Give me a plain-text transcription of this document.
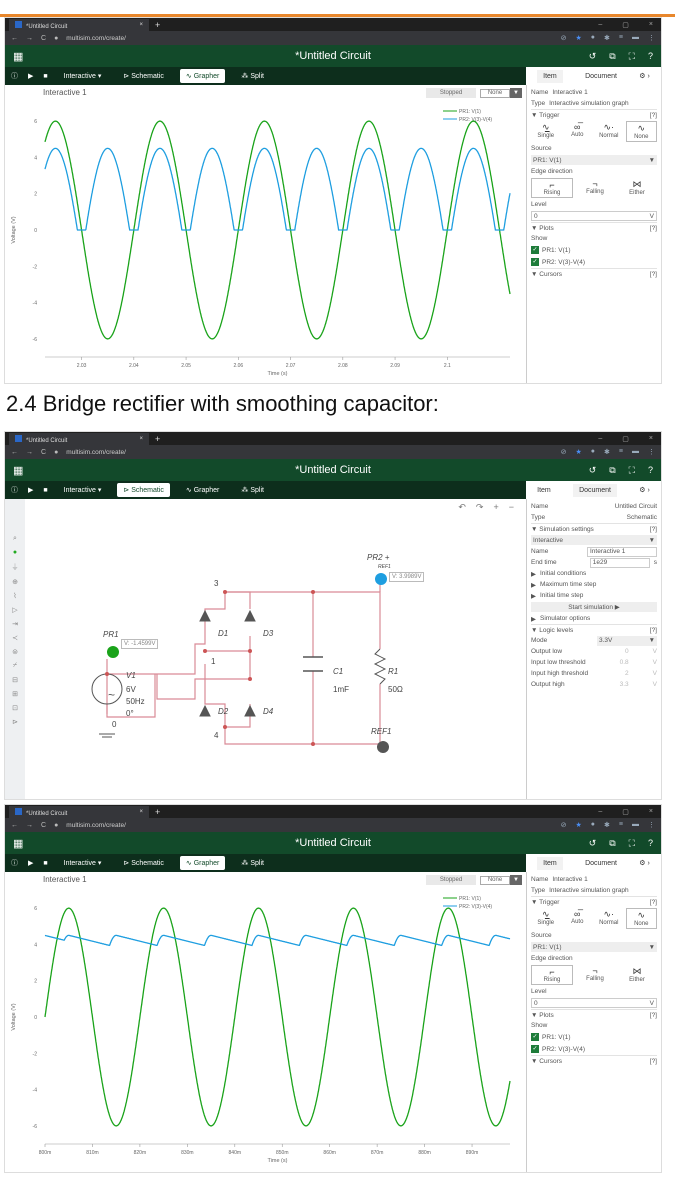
*Untitled Circuit	× +	–	▢	×
← → C ● multisim.com/create/	⊘ ★ ● ✱ ≡ ▬ ⋮
▦	*Untitled Circuit	↺ ⧉ ⛶ ?
ⓘ ▶ ■	Interactive ▾	⊳ Schematic	∿ Grapher	⁂ Split	Item	Document	⚙ ›
Interactive 1	Stopped	None	▼
6
4
2
0
-2
-4
-6
2.03	2.04	2.05	2.06	2.07	2.08	2.09	2.1
Time (s)
Voltage (V)
PR1: V(1)
PR2: V(3)-V(4)
Name Interactive 1
Type Interactive simulation graph
▼ Trigger	[?]
∿̲
Single
∞̅
Auto
∿·
Normal
∿
None
Source
PR1: V(1)	▼
Edge direction
⌐
Rising
¬
Falling
⋈
Either
Level
0	V
▼ Plots	[?]
Show
✓ PR1: V(1)
✓ PR2: V(3)-V(4)
▼ Cursors	[?]
2.4 Bridge rectifier with smoothing capacitor:
*Untitled Circuit	× +	–	▢	×
← → C ● multisim.com/create/	⊘ ★ ● ✱ ≡ ▬ ⋮
▦	*Untitled Circuit	↺ ⧉ ⛶ ?
ⓘ ▶ ■	Interactive ▾	⊳ Schematic	∿ Grapher	⁂ Split	Item	Document	⚙ ›
⌕
●
⏚
⊕
⌇
▷
⇥
≺
⊜
⌿
⊟
⊞
⊡
⊳
↶ ↷ + −
~
PR2 +
REF1
V: 3.9989V
PR1
V: -1.4599V
D1	D3
D2	D4
C1
1mF
R1
50Ω
V1
6V
50Hz
0°
0
1
3
4	REF1
Name	Untitled Circuit
Type	Schematic
▼ Simulation settings	[?]
Interactive	▼
Name	Interactive 1
End time	1e29	s
▶ Initial conditions
▶ Maximum time step
▶ Initial time step
Start simulation ▶
▶ Simulator options
▼ Logic levels	[?]
Mode	3.3V	▼
Output low	0	V
Input low threshold	0.8	V
Input high threshold	2	V
Output high	3.3	V
*Untitled Circuit	× +	–	▢	×
← → C ● multisim.com/create/	⊘ ★ ● ✱ ≡ ▬ ⋮
▦	*Untitled Circuit	↺ ⧉ ⛶ ?
ⓘ ▶ ■	Interactive ▾	⊳ Schematic	∿ Grapher	⁂ Split	Item	Document	⚙ ›
Interactive 1	Stopped	None	▼
6
4
2
0
-2
-4
-6
800m	810m	820m	830m	840m	850m	860m	870m	880m	890m
Time (s)
Voltage (V)
PR1: V(1)
PR2: V(3)-V(4)
Name Interactive 1
Type Interactive simulation graph
▼ Trigger	[?]
∿̲
Single
∞̅
Auto
∿·
Normal
∿
None
Source
PR1: V(1)	▼
Edge direction
⌐
Rising
¬
Falling
⋈
Either
Level
0	V
▼ Plots	[?]
Show
✓ PR1: V(1)
✓ PR2: V(3)-V(4)
▼ Cursors	[?]
